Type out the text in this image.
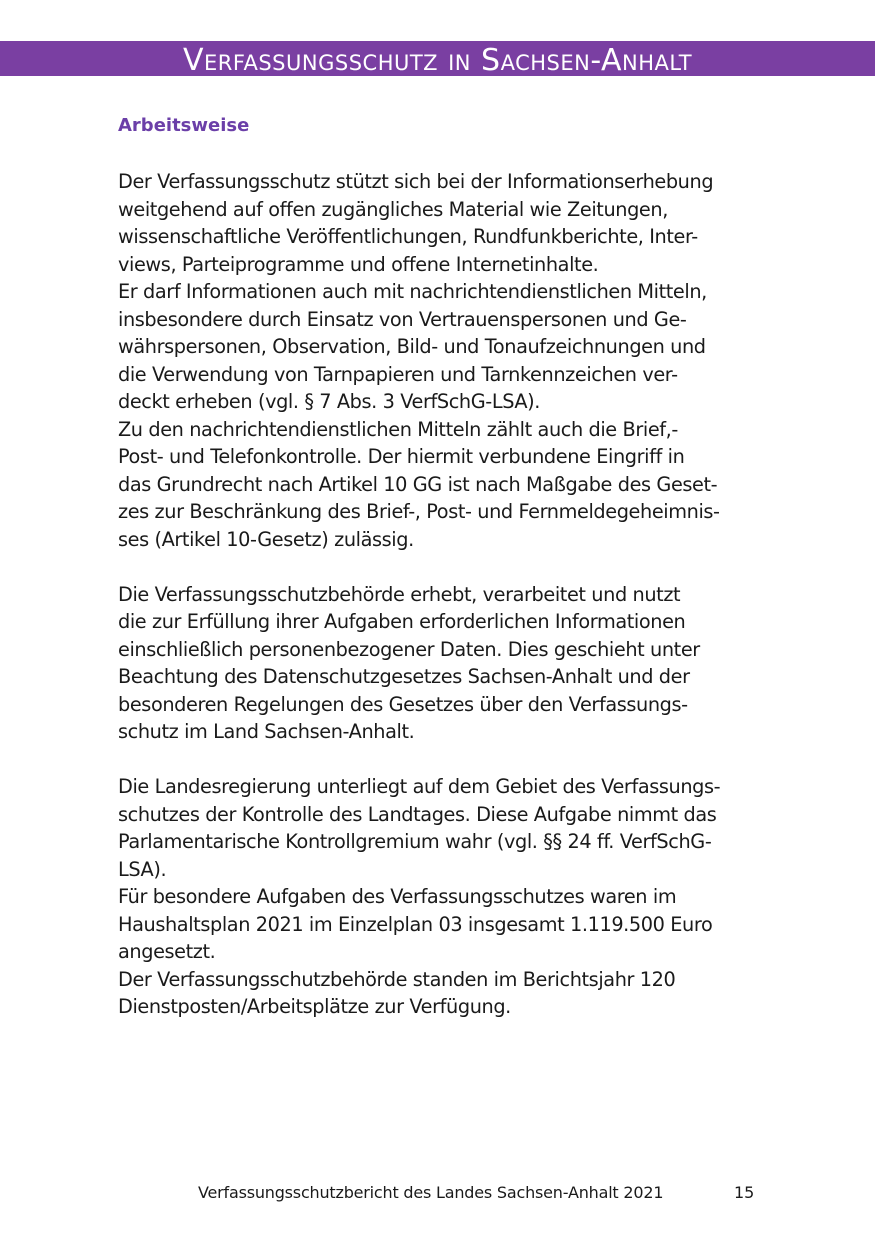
Verfassungsschutz in Sachsen-Anhalt
Arbeitsweise
Der Verfassungsschutz stützt sich bei der Informationserhebung
weitgehend auf offen zugängliches Material wie Zeitungen,
wissenschaftliche Veröffentlichungen, Rundfunkberichte, Inter-
views, Parteiprogramme und offene Internetinhalte.
Er darf Informationen auch mit nachrichtendienstlichen Mitteln,
insbesondere durch Einsatz von Vertrauenspersonen und Ge-
währspersonen, Observation, Bild- und Tonaufzeichnungen und
die Verwendung von Tarnpapieren und Tarnkennzeichen ver-
deckt erheben (vgl. § 7 Abs. 3 VerfSchG-LSA).
Zu den nachrichtendienstlichen Mitteln zählt auch die Brief,-
Post- und Telefonkontrolle. Der hiermit verbundene Eingriff in
das Grundrecht nach Artikel 10 GG ist nach Maßgabe des Geset-
zes zur Beschränkung des Brief-, Post- und Fernmeldegeheimnis-
ses (Artikel 10-Gesetz) zulässig.
Die Verfassungsschutzbehörde erhebt, verarbeitet und nutzt
die zur Erfüllung ihrer Aufgaben erforderlichen Informationen
einschließlich personenbezogener Daten. Dies geschieht unter
Beachtung des Datenschutzgesetzes Sachsen-Anhalt und der
besonderen Regelungen des Gesetzes über den Verfassungs-
schutz im Land Sachsen-Anhalt.
Die Landesregierung unterliegt auf dem Gebiet des Verfassungs-
schutzes der Kontrolle des Landtages. Diese Aufgabe nimmt das
Parlamentarische Kontrollgremium wahr (vgl. §§ 24 ff. VerfSchG-
LSA).
Für besondere Aufgaben des Verfassungsschutzes waren im
Haushaltsplan 2021 im Einzelplan 03 insgesamt 1.119.500 Euro
angesetzt.
Der Verfassungsschutzbehörde standen im Berichtsjahr 120
Dienstposten/Arbeitsplätze zur Verfügung.
Verfassungsschutzbericht des Landes Sachsen-Anhalt 2021	15
